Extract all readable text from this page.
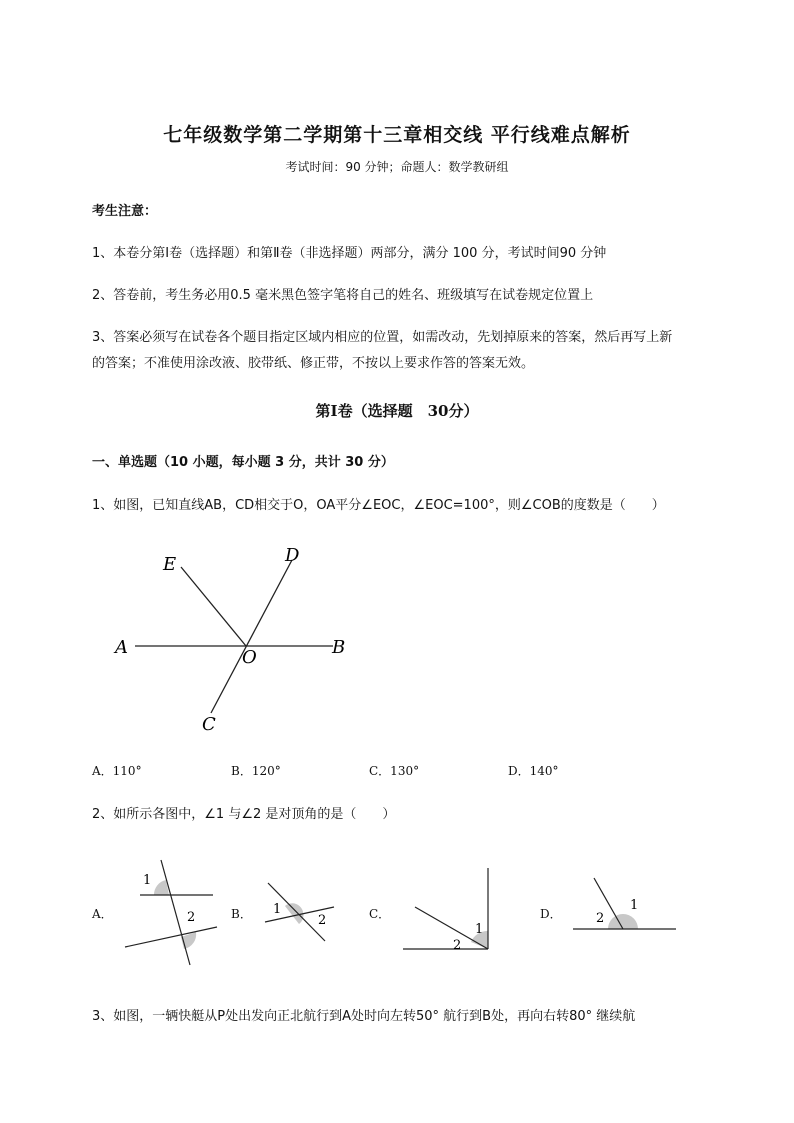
七年级数学第二学期第十三章相交线 平行线难点解析
考试时间：90 分钟；命题人：数学教研组
考生注意：
1、本卷分第Ⅰ卷（选择题）和第Ⅱ卷（非选择题）两部分，满分 100 分，考试时间90 分钟
2、答卷前，考生务必用0.5 毫米黑色签字笔将自己的姓名、班级填写在试卷规定位置上
3、答案必须写在试卷各个题目指定区域内相应的位置，如需改动，先划掉原来的答案，然后再写上新
的答案；不准使用涂改液、胶带纸、修正带，不按以上要求作答的答案无效。
第Ⅰ卷（选择题　30分）
一、单选题（10 小题，每小题 3 分，共计 30 分）
1、如图，已知直线AB，CD相交于O，OA平分∠EOC，∠EOC=100°，则∠COB的度数是（　　）
E	D
A	O	B
C
A．110°	B．120°	C．130°	D．140°
2、如所示各图中，∠1 与∠2 是对顶角的是（　　）
A．
1
2	B． 1
2	C．
1
2
D．
1
2
3、如图，一辆快艇从P处出发向正北航行到A处时向左转50° 航行到B处，再向右转80° 继续航
